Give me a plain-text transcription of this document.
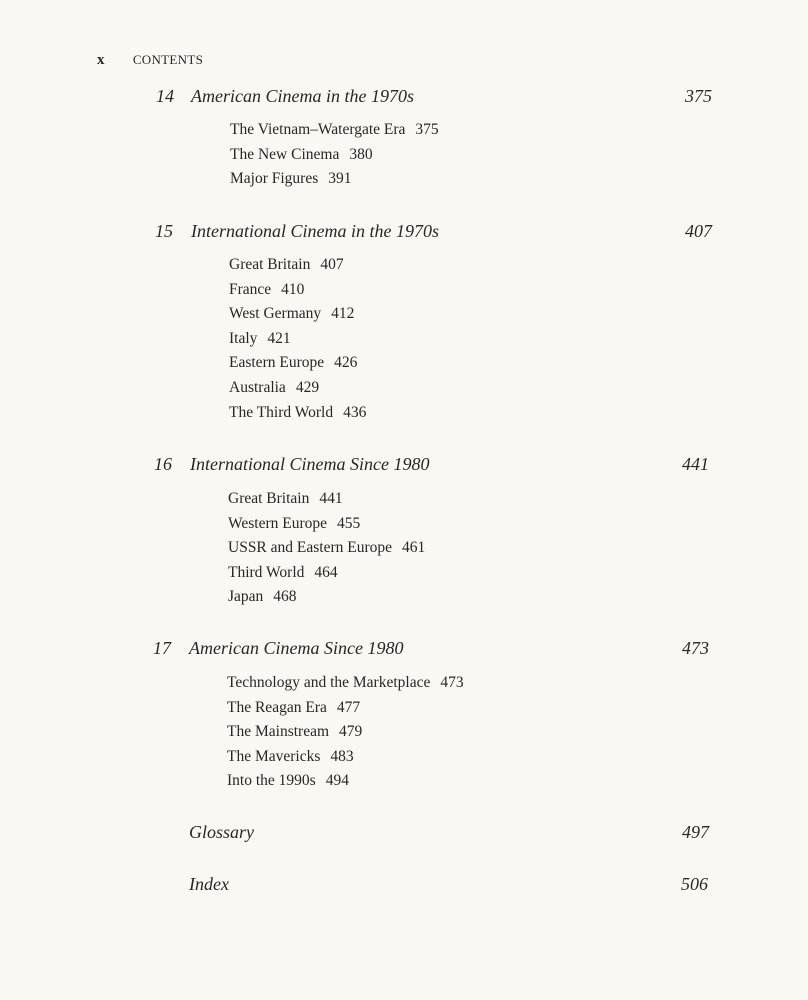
x CONTENTS
14 American Cinema in the 1970s	375
The Vietnam–Watergate Era 375
The New Cinema 380
Major Figures 391
15 International Cinema in the 1970s	407
Great Britain 407
France 410
West Germany 412
Italy 421
Eastern Europe 426
Australia 429
The Third World 436
16 International Cinema Since 1980	441
Great Britain 441
Western Europe 455
USSR and Eastern Europe 461
Third World 464
Japan 468
17 American Cinema Since 1980	473
Technology and the Marketplace 473
The Reagan Era 477
The Mainstream 479
The Mavericks 483
Into the 1990s 494
Glossary	497
Index	506
